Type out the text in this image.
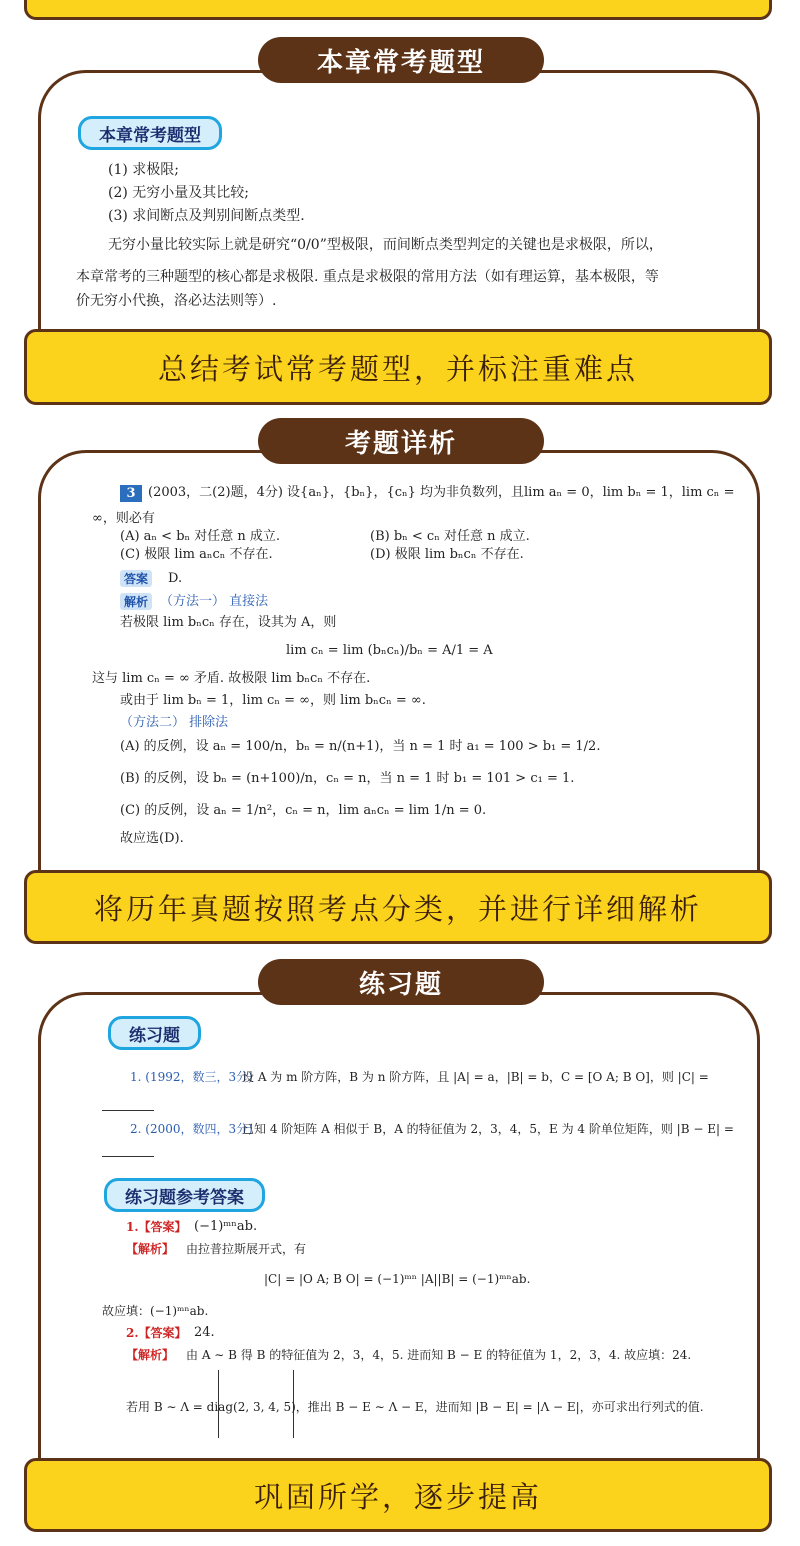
本章常考题型
本章常考题型
(1) 求极限;
(2) 无穷小量及其比较;
(3) 求间断点及判别间断点类型.
无穷小量比较实际上就是研究“0/0”型极限，而间断点类型判定的关键也是求极限，所以，
本章常考的三种题型的核心都是求极限. 重点是求极限的常用方法（如有理运算，基本极限，等
价无穷小代换，洛必达法则等）.
总结考试常考题型，并标注重难点
考题详析
3 (2003，二(2)题，4分) 设{aₙ}，{bₙ}，{cₙ} 均为非负数列，且lim aₙ = 0，lim bₙ = 1，lim cₙ =
∞，则必有
(A) aₙ < bₙ 对任意 n 成立.	(B) bₙ < cₙ 对任意 n 成立.
(C) 极限 lim aₙcₙ 不存在.	(D) 极限 lim bₙcₙ 不存在.
答案	D.
解析 （方法一） 直接法
若极限 lim bₙcₙ 存在，设其为 A，则
lim cₙ = lim (bₙcₙ)/bₙ = A/1 = A
这与 lim cₙ = ∞ 矛盾. 故极限 lim bₙcₙ 不存在.
或由于 lim bₙ = 1，lim cₙ = ∞，则 lim bₙcₙ = ∞.
（方法二） 排除法
(A) 的反例，设 aₙ = 100/n，bₙ = n/(n+1)，当 n = 1 时 a₁ = 100 > b₁ = 1/2.
(B) 的反例，设 bₙ = (n+100)/n，cₙ = n，当 n = 1 时 b₁ = 101 > c₁ = 1.
(C) 的反例，设 aₙ = 1/n²，cₙ = n，lim aₙcₙ = lim 1/n = 0.
故应选(D).
将历年真题按照考点分类，并进行详细解析
练习题
练习题
1. (1992，数三，3分)
设 A 为 m 阶方阵，B 为 n 阶方阵，且 |A| = a，|B| = b，C = [O A; B O]，则 |C| =
2. (2000，数四，3分)
已知 4 阶矩阵 A 相似于 B，A 的特征值为 2，3，4，5，E 为 4 阶单位矩阵，则 |B − E| =
练习题参考答案
1.【答案】 (−1)ᵐⁿab.
【解析】 由拉普拉斯展开式，有
|C| = |O A; B O| = (−1)ᵐⁿ |A||B| = (−1)ᵐⁿab.
故应填：(−1)ᵐⁿab.
2.【答案】 24.
【解析】 由 A ∼ B 得 B 的特征值为 2，3，4，5. 进而知 B − E 的特征值为 1，2，3，4. 故应填：24.
若用 B ∼ Λ = diag(2, 3, 4, 5)，推出 B − E ∼ Λ − E，进而知 |B − E| = |Λ − E|，亦可求出行列式的值.
巩固所学，逐步提高
